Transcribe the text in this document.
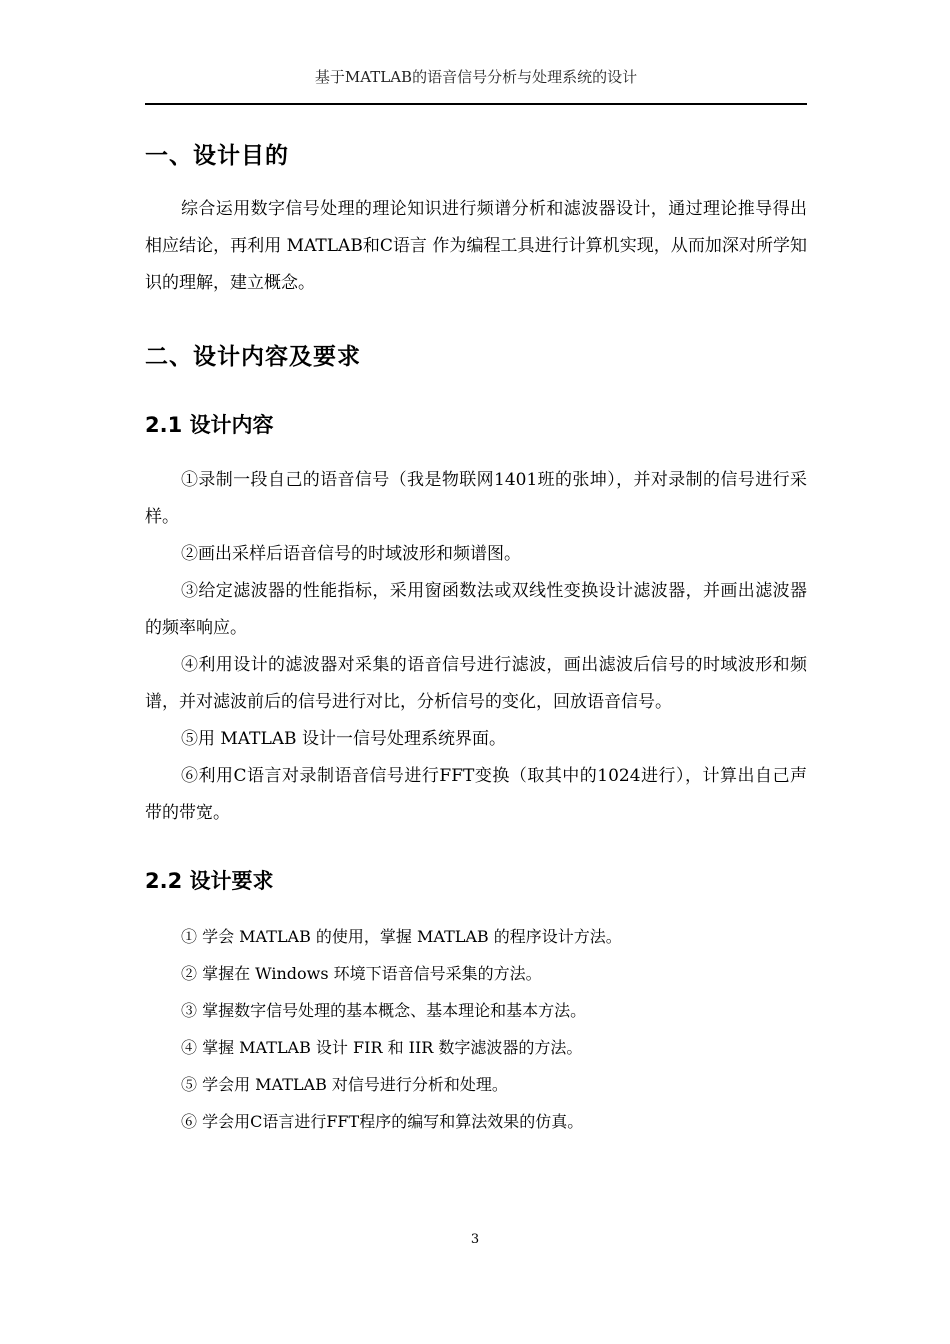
基于MATLAB的语音信号分析与处理系统的设计
一、设计目的

综合运用数字信号处理的理论知识进行频谱分析和滤波器设计，通过理论推导得出相应结论，再利用 MATLAB和C语言 作为编程工具进行计算机实现，从而加深对所学知识的理解，建立概念。

二、设计内容及要求
2.1 设计内容

①录制一段自己的语音信号（我是物联网1401班的张坤），并对录制的信号进行采样。

②画出采样后语音信号的时域波形和频谱图。

③给定滤波器的性能指标，采用窗函数法或双线性变换设计滤波器，并画出滤波器的频率响应。

④利用设计的滤波器对采集的语音信号进行滤波，画出滤波后信号的时域波形和频谱，并对滤波前后的信号进行对比，分析信号的变化，回放语音信号。

⑤用 MATLAB 设计一信号处理系统界面。

⑥利用C语言对录制语音信号进行FFT变换（取其中的1024进行），计算出自己声带的带宽。

2.2 设计要求
① 学会 MATLAB 的使用，掌握 MATLAB 的程序设计方法。
② 掌握在 Windows 环境下语音信号采集的方法。
③ 掌握数字信号处理的基本概念、基本理论和基本方法。
④ 掌握 MATLAB 设计 FIR 和 IIR 数字滤波器的方法。
⑤ 学会用 MATLAB 对信号进行分析和处理。
⑥ 学会用C语言进行FFT程序的编写和算法效果的仿真。
3
